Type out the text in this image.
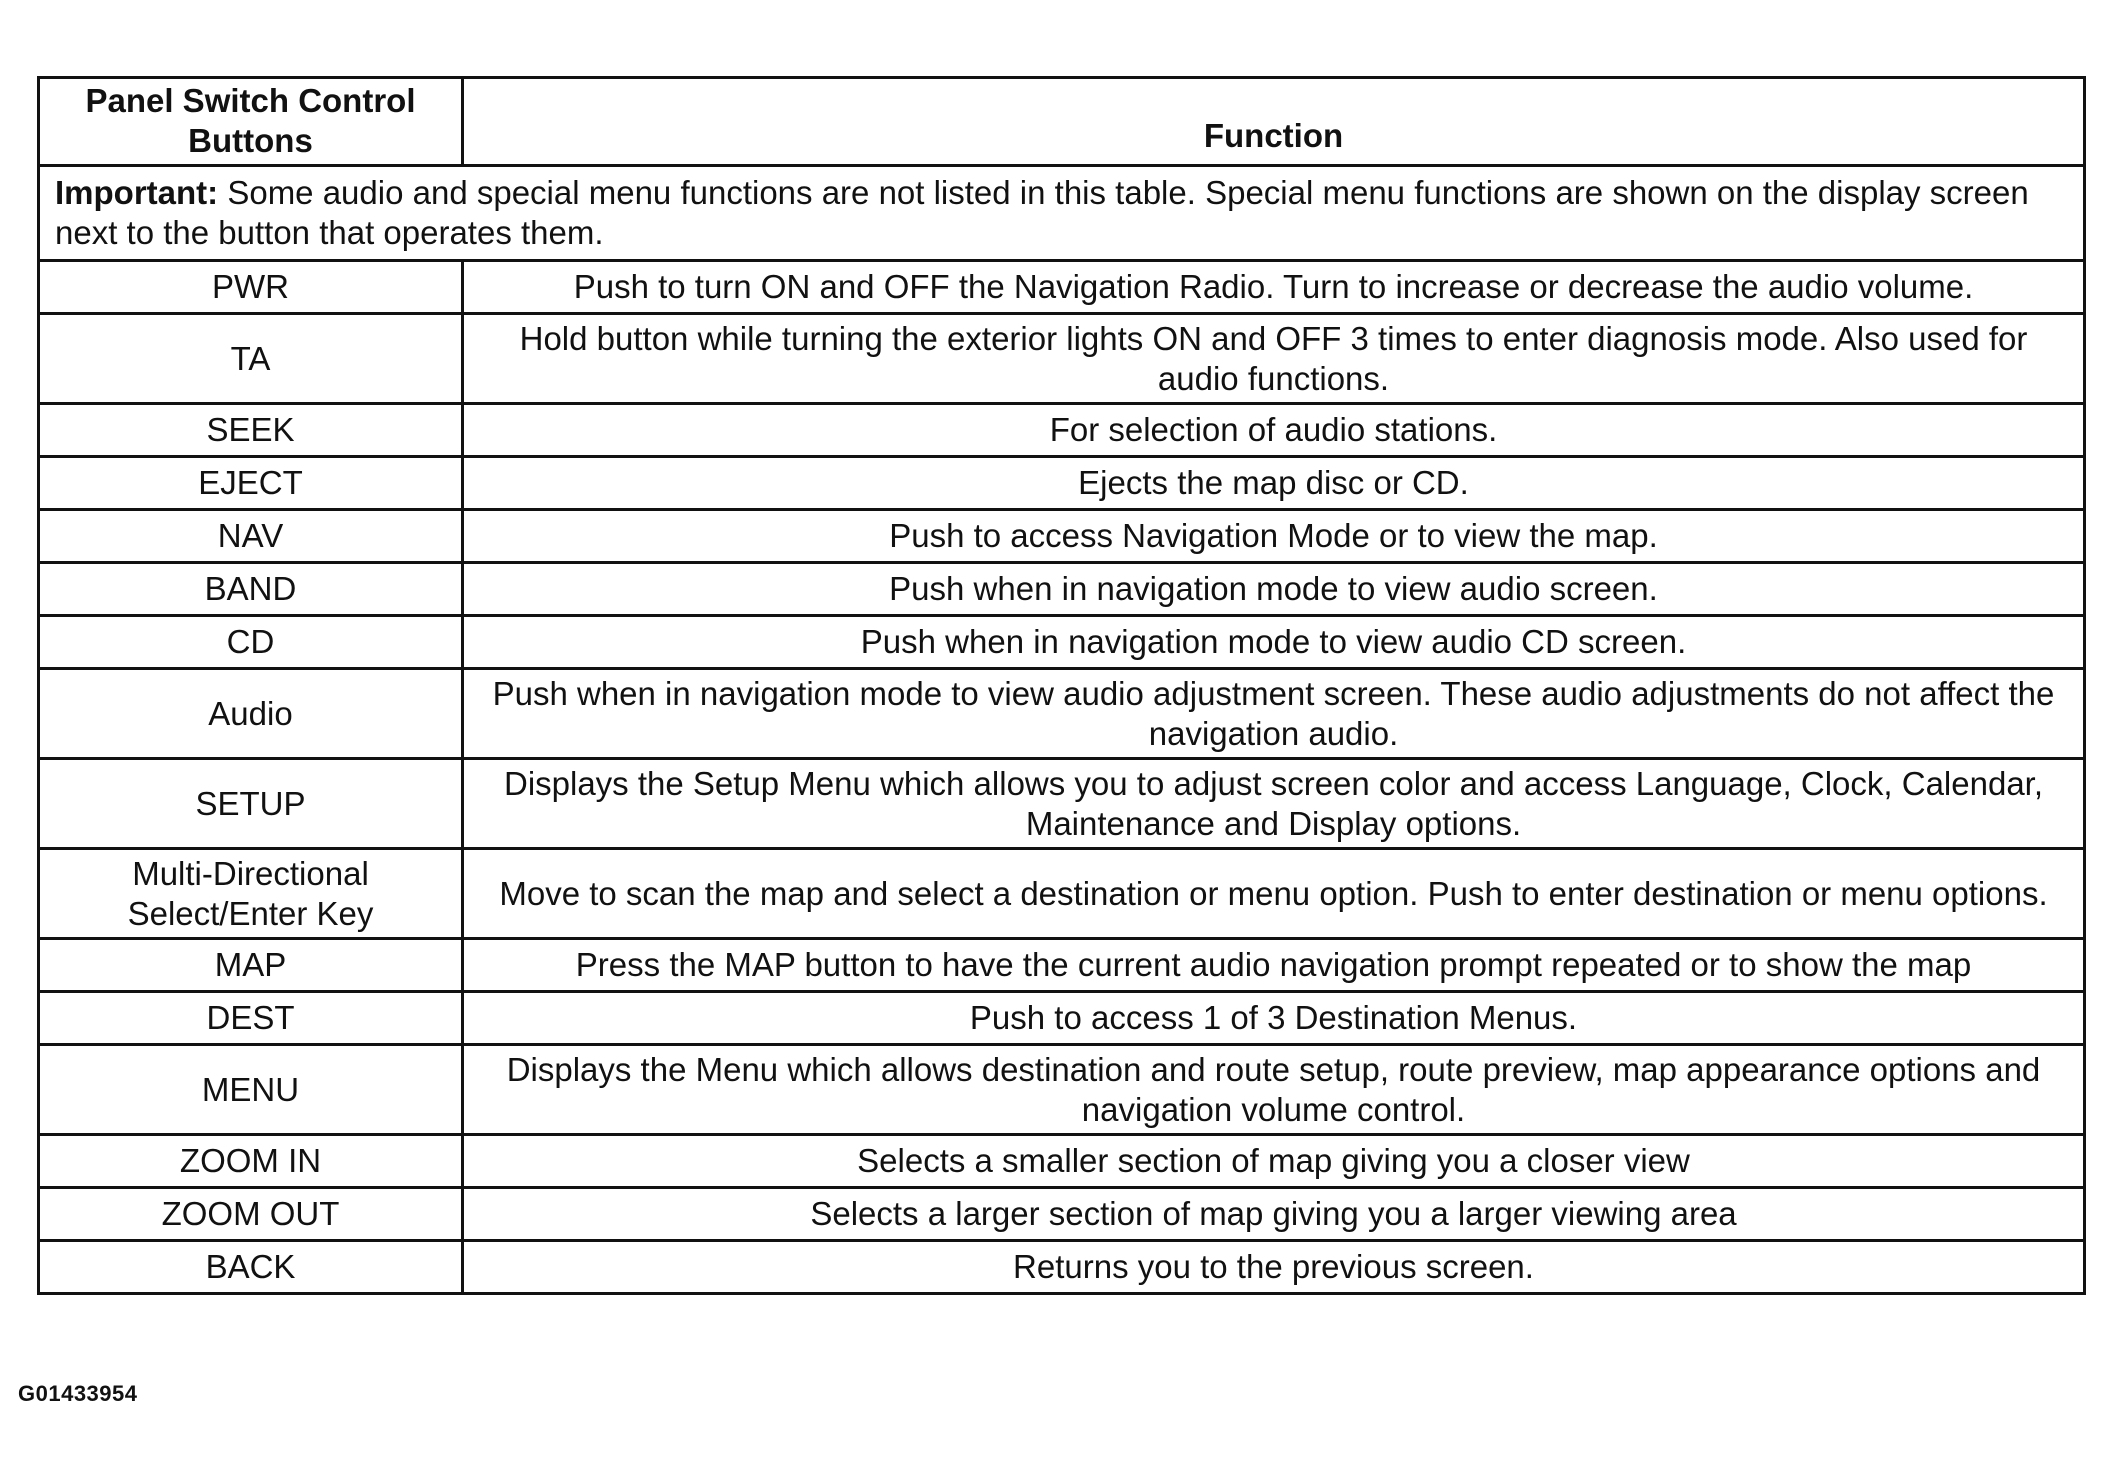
Panel Switch Control
Buttons	Function
Important: Some audio and special menu functions are not listed in this table. Special menu functions are shown on the display screen next to the button that operates them.	
PWR	Push to turn ON and OFF the Navigation Radio. Turn to increase or decrease the audio volume.
TA	Hold button while turning the exterior lights ON and OFF 3 times to enter diagnosis mode. Also used for audio functions.
SEEK	For selection of audio stations.
EJECT	Ejects the map disc or CD.
NAV	Push to access Navigation Mode or to view the map.
BAND	Push when in navigation mode to view audio screen.
CD	Push when in navigation mode to view audio CD screen.
Audio	Push when in navigation mode to view audio adjustment screen. These audio adjustments do not affect the navigation audio.
SETUP	Displays the Setup Menu which allows you to adjust screen color and access Language, Clock, Calendar, Maintenance and Display options.
Multi-Directional
Select/Enter Key	Move to scan the map and select a destination or menu option. Push to enter destination or menu options.
MAP	Press the MAP button to have the current audio navigation prompt repeated or to show the map
DEST	Push to access 1 of 3 Destination Menus.
MENU	Displays the Menu which allows destination and route setup, route preview, map appearance options and navigation volume control.
ZOOM IN	Selects a smaller section of map giving you a closer view
ZOOM OUT	Selects a larger section of map giving you a larger viewing area
BACK	Returns you to the previous screen.
G01433954
